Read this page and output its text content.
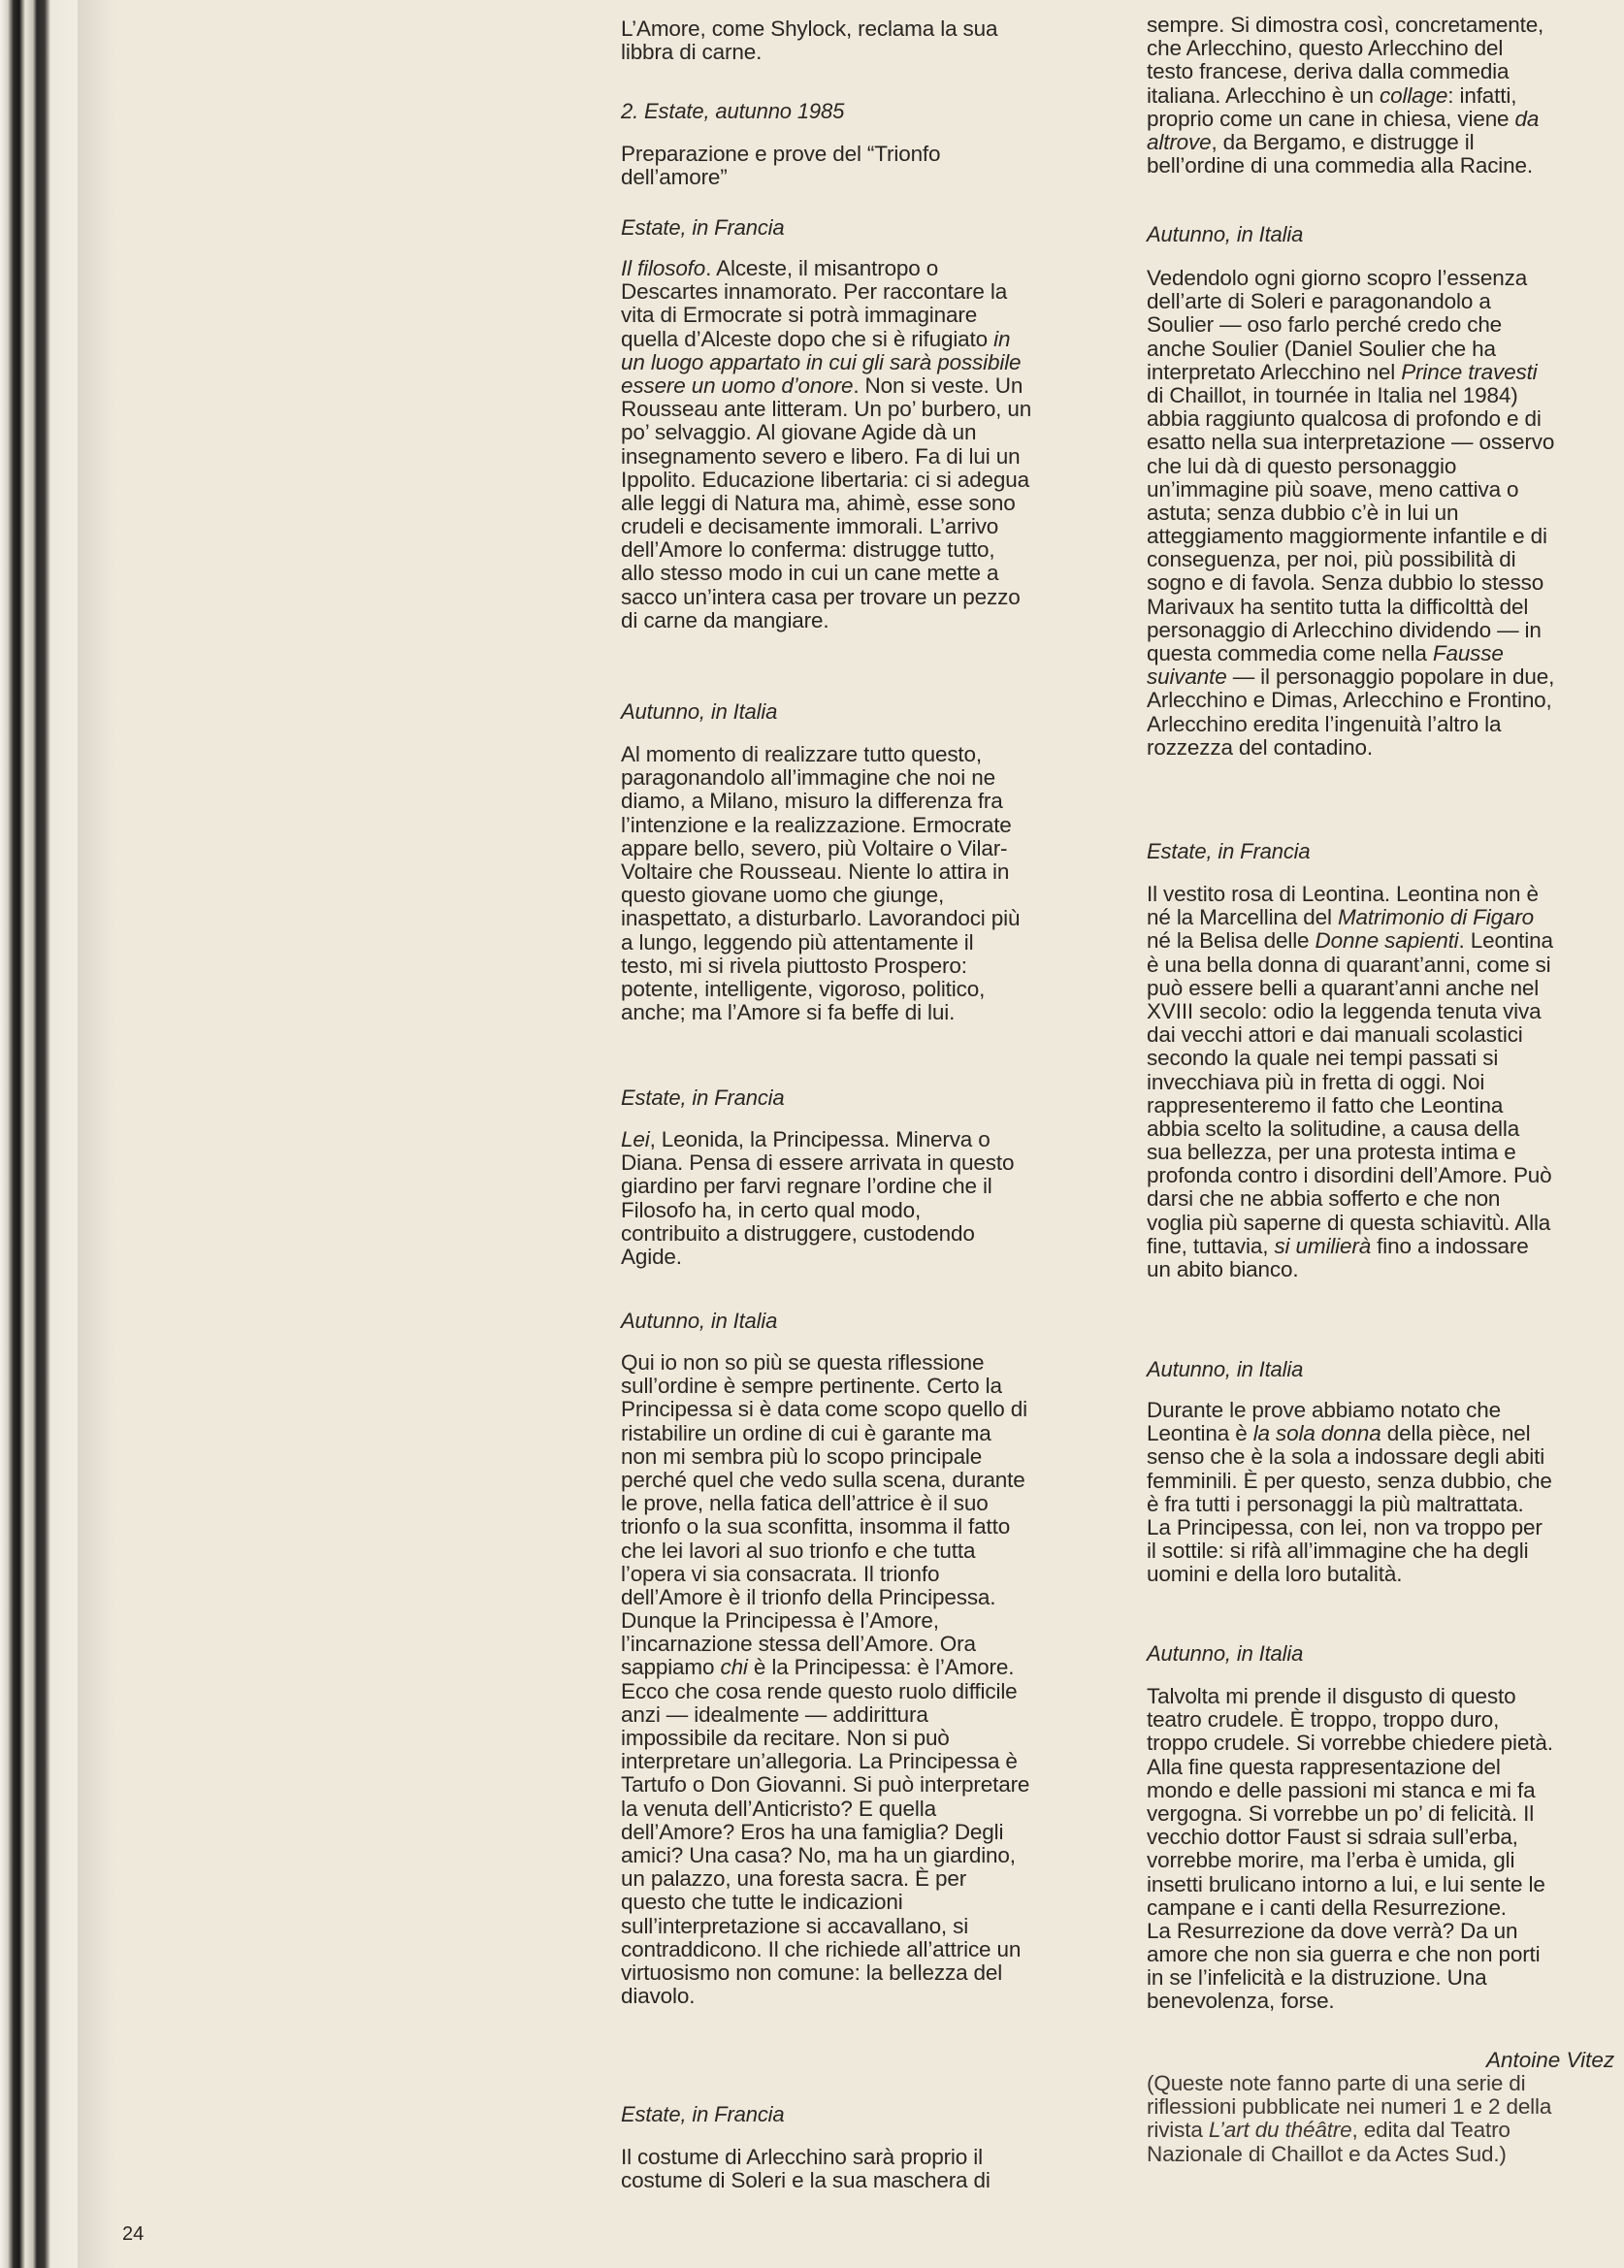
L’Amore, come Shylock, reclama la sua
libbra di carne.
2. Estate, autunno 1985
Preparazione e prove del “Trionfo
dell’amore”
Estate, in Francia
Il filosofo. Alceste, il misantropo o
Descartes innamorato. Per raccontare la
vita di Ermocrate si potrà immaginare
quella d’Alceste dopo che si è rifugiato in
un luogo appartato in cui gli sarà possibile
essere un uomo d’onore. Non si veste. Un
Rousseau ante litteram. Un po’ burbero, un
po’ selvaggio. Al giovane Agide dà un
insegnamento severo e libero. Fa di lui un
Ippolito. Educazione libertaria: ci si adegua
alle leggi di Natura ma, ahimè, esse sono
crudeli e decisamente immorali. L’arrivo
dell’Amore lo conferma: distrugge tutto,
allo stesso modo in cui un cane mette a
sacco un’intera casa per trovare un pezzo
di carne da mangiare.
Autunno, in Italia
Al momento di realizzare tutto questo,
paragonandolo all’immagine che noi ne
diamo, a Milano, misuro la differenza fra
l’intenzione e la realizzazione. Ermocrate
appare bello, severo, più Voltaire o Vilar-
Voltaire che Rousseau. Niente lo attira in
questo giovane uomo che giunge,
inaspettato, a disturbarlo. Lavorandoci più
a lungo, leggendo più attentamente il
testo, mi si rivela piuttosto Prospero:
potente, intelligente, vigoroso, politico,
anche; ma l’Amore si fa beffe di lui.
Estate, in Francia
Lei, Leonida, la Principessa. Minerva o
Diana. Pensa di essere arrivata in questo
giardino per farvi regnare l’ordine che il
Filosofo ha, in certo qual modo,
contribuito a distruggere, custodendo
Agide.
Autunno, in Italia
Qui io non so più se questa riflessione
sull’ordine è sempre pertinente. Certo la
Principessa si è data come scopo quello di
ristabilire un ordine di cui è garante ma
non mi sembra più lo scopo principale
perché quel che vedo sulla scena, durante
le prove, nella fatica dell’attrice è il suo
trionfo o la sua sconfitta, insomma il fatto
che lei lavori al suo trionfo e che tutta
l’opera vi sia consacrata. Il trionfo
dell’Amore è il trionfo della Principessa.
Dunque la Principessa è l’Amore,
l’incarnazione stessa dell’Amore. Ora
sappiamo chi è la Principessa: è l’Amore.
Ecco che cosa rende questo ruolo difficile
anzi — idealmente — addirittura
impossibile da recitare. Non si può
interpretare un’allegoria. La Principessa è
Tartufo o Don Giovanni. Si può interpretare
la venuta dell’Anticristo? E quella
dell’Amore? Eros ha una famiglia? Degli
amici? Una casa? No, ma ha un giardino,
un palazzo, una foresta sacra. È per
questo che tutte le indicazioni
sull’interpretazione si accavallano, si
contraddicono. Il che richiede all’attrice un
virtuosismo non comune: la bellezza del
diavolo.
Estate, in Francia
Il costume di Arlecchino sarà proprio il
costume di Soleri e la sua maschera di
Antoine Vitez
sempre. Si dimostra così, concretamente,
che Arlecchino, questo Arlecchino del
testo francese, deriva dalla commedia
italiana. Arlecchino è un collage: infatti,
proprio come un cane in chiesa, viene da
altrove, da Bergamo, e distrugge il
bell’ordine di una commedia alla Racine.
Autunno, in Italia
Vedendolo ogni giorno scopro l’essenza
dell’arte di Soleri e paragonandolo a
Soulier — oso farlo perché credo che
anche Soulier (Daniel Soulier che ha
interpretato Arlecchino nel Prince travesti
di Chaillot, in tournée in Italia nel 1984)
abbia raggiunto qualcosa di profondo e di
esatto nella sua interpretazione — osservo
che lui dà di questo personaggio
un’immagine più soave, meno cattiva o
astuta; senza dubbio c’è in lui un
atteggiamento maggiormente infantile e di
conseguenza, per noi, più possibilità di
sogno e di favola. Senza dubbio lo stesso
Marivaux ha sentito tutta la difficolttà del
personaggio di Arlecchino dividendo — in
questa commedia come nella Fausse
suivante — il personaggio popolare in due,
Arlecchino e Dimas, Arlecchino e Frontino,
Arlecchino eredita l’ingenuità l’altro la
rozzezza del contadino.
Estate, in Francia
Il vestito rosa di Leontina. Leontina non è
né la Marcellina del Matrimonio di Figaro
né la Belisa delle Donne sapienti. Leontina
è una bella donna di quarant’anni, come si
può essere belli a quarant’anni anche nel
XVIII secolo: odio la leggenda tenuta viva
dai vecchi attori e dai manuali scolastici
secondo la quale nei tempi passati si
invecchiava più in fretta di oggi. Noi
rappresenteremo il fatto che Leontina
abbia scelto la solitudine, a causa della
sua bellezza, per una protesta intima e
profonda contro i disordini dell’Amore. Può
darsi che ne abbia sofferto e che non
voglia più saperne di questa schiavitù. Alla
fine, tuttavia, si umilierà fino a indossare
un abito bianco.
Autunno, in Italia
Durante le prove abbiamo notato che
Leontina è la sola donna della pièce, nel
senso che è la sola a indossare degli abiti
femminili. È per questo, senza dubbio, che
è fra tutti i personaggi la più maltrattata.
La Principessa, con lei, non va troppo per
il sottile: si rifà all’immagine che ha degli
uomini e della loro butalità.
Autunno, in Italia
Talvolta mi prende il disgusto di questo
teatro crudele. È troppo, troppo duro,
troppo crudele. Si vorrebbe chiedere pietà.
Alla fine questa rappresentazione del
mondo e delle passioni mi stanca e mi fa
vergogna. Si vorrebbe un po’ di felicità. Il
vecchio dottor Faust si sdraia sull’erba,
vorrebbe morire, ma l’erba è umida, gli
insetti brulicano intorno a lui, e lui sente le
campane e i canti della Resurrezione.
La Resurrezione da dove verrà? Da un
amore che non sia guerra e che non porti
in se l’infelicità e la distruzione. Una
benevolenza, forse.
(Queste note fanno parte di una serie di
riflessioni pubblicate nei numeri 1 e 2 della
rivista L’art du théâtre, edita dal Teatro
Nazionale di Chaillot e da Actes Sud.)
24
